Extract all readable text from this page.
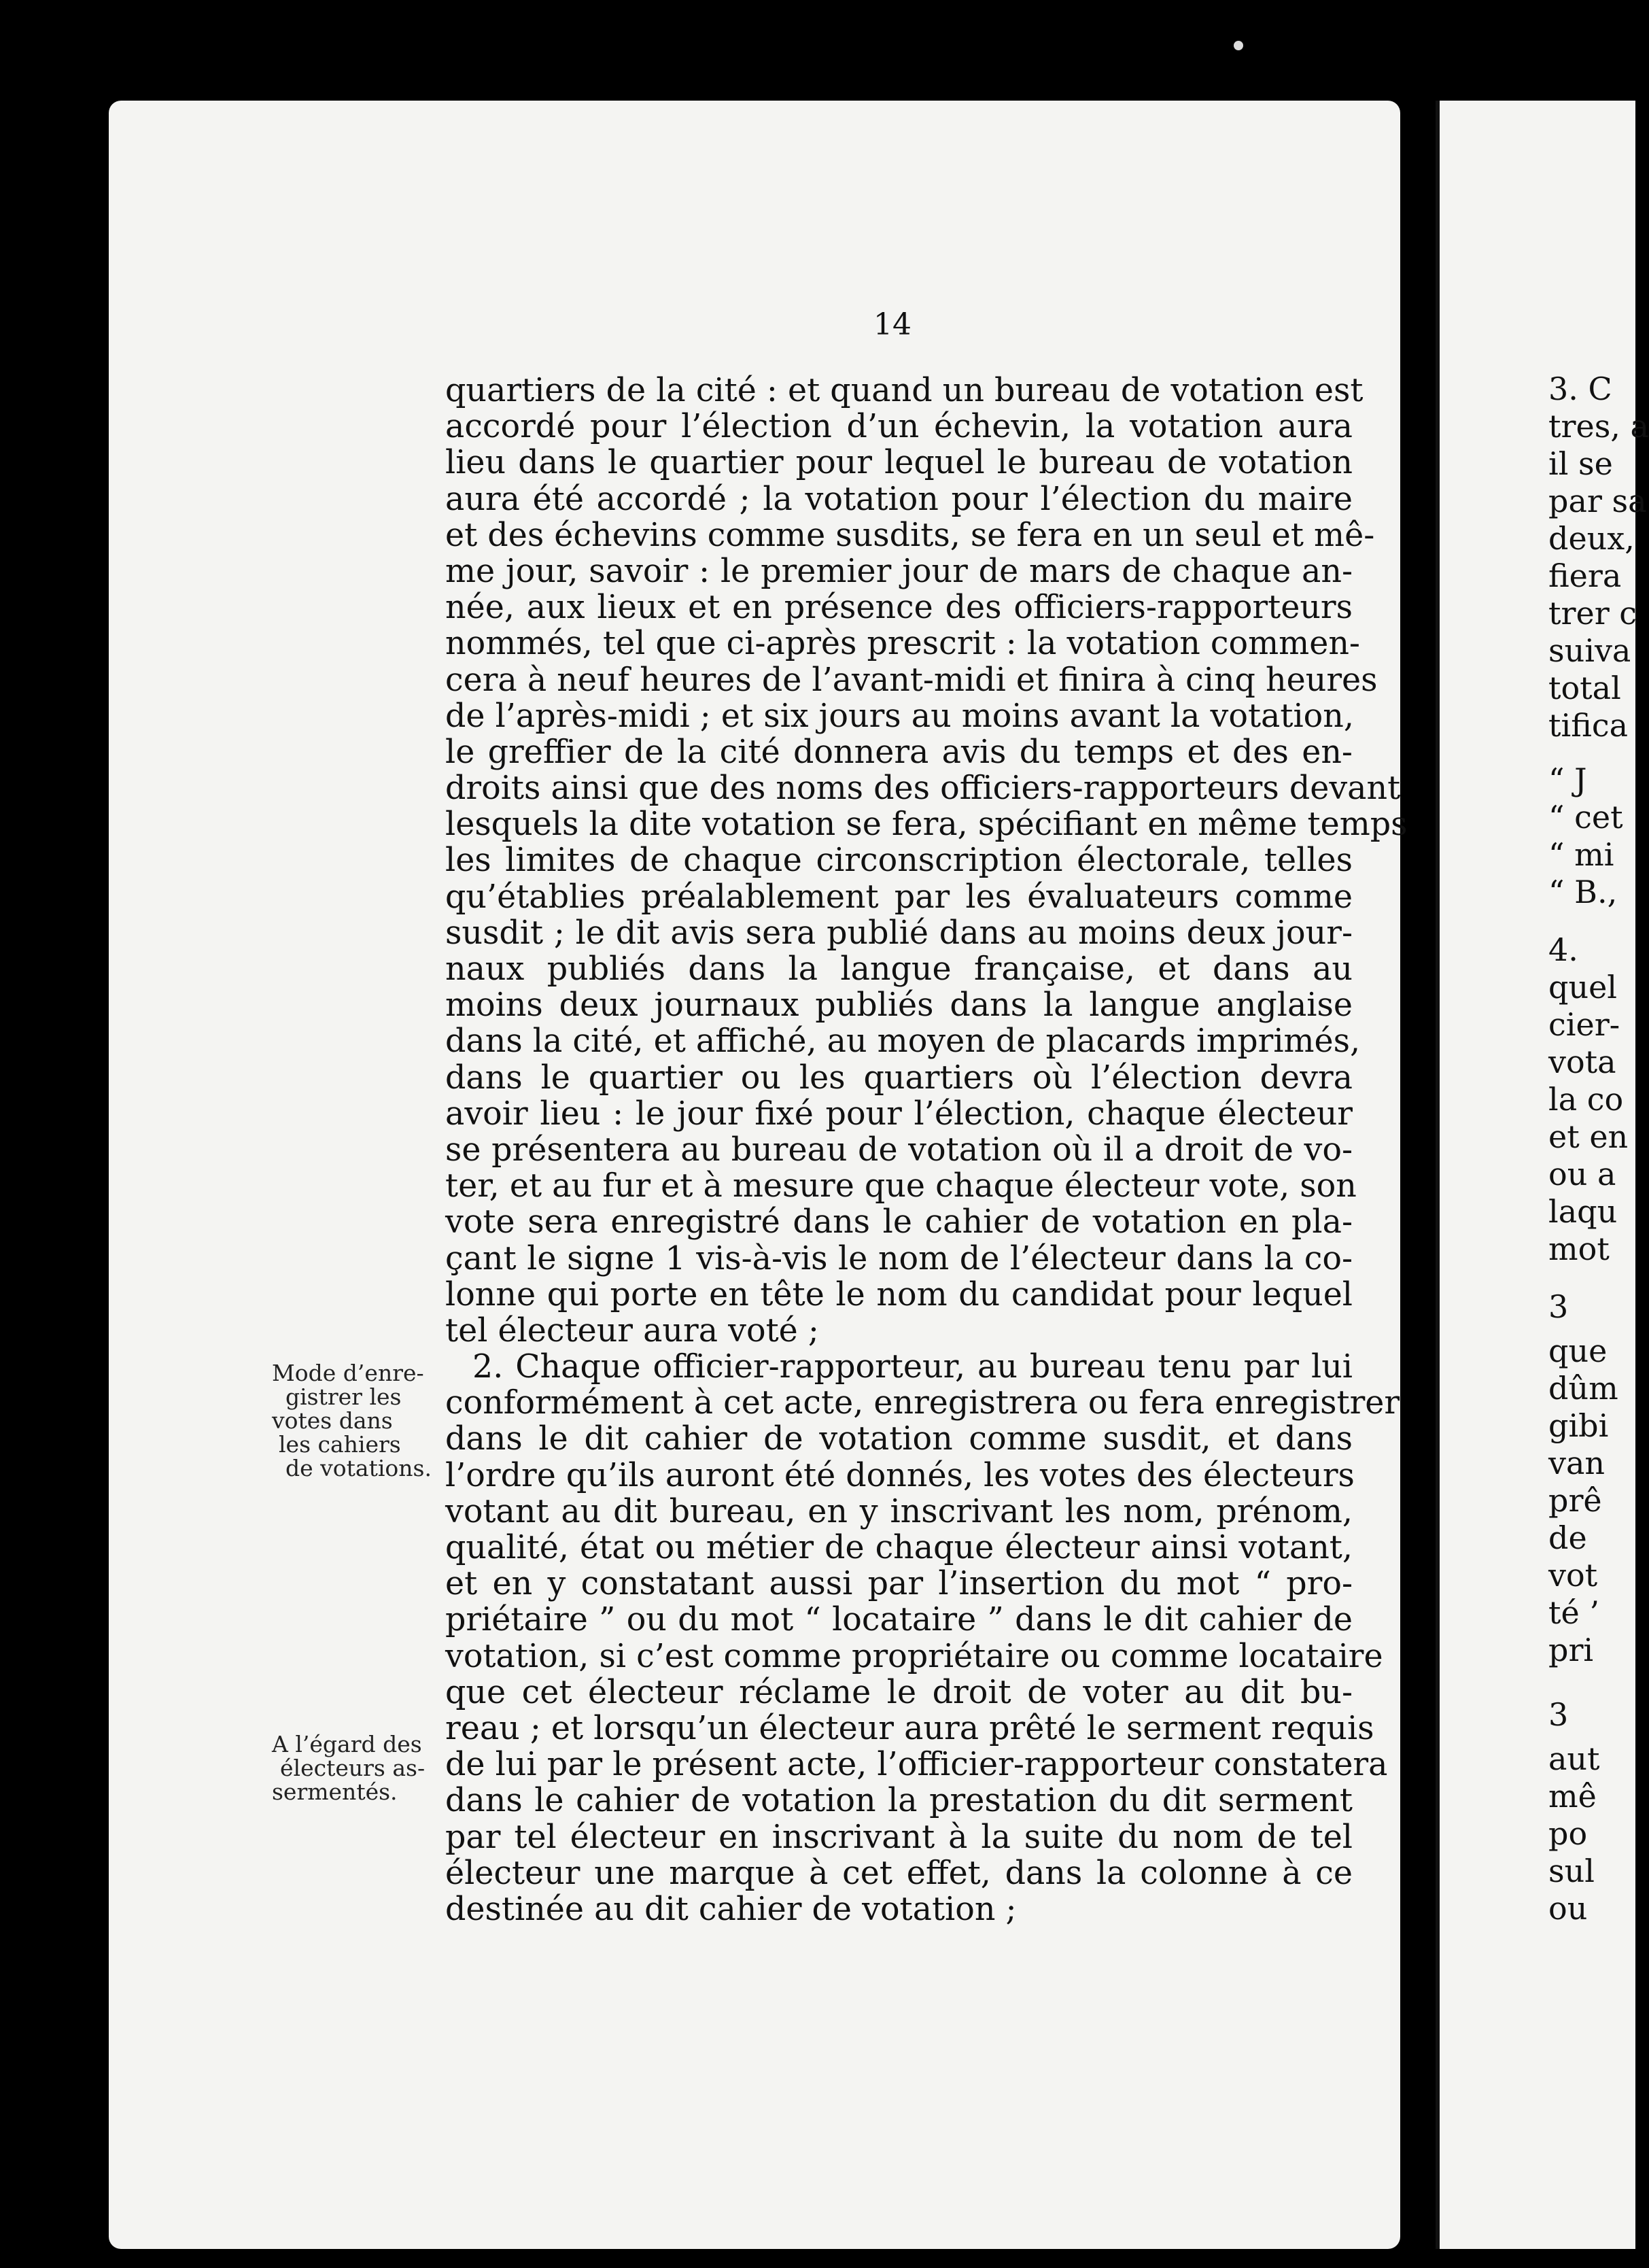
14
quartiers de la cité : et quand un bureau de votation est
accordé pour l’élection d’un échevin, la votation aura
lieu dans le quartier pour lequel le bureau de votation
aura été accordé ; la votation pour l’élection du maire
et des échevins comme susdits, se fera en un seul et mê-
me jour, savoir : le premier jour de mars de chaque an-
née, aux lieux et en présence des officiers-rapporteurs
nommés, tel que ci-après prescrit : la votation commen-
cera à neuf heures de l’avant-midi et finira à cinq heures
de l’après-midi ; et six jours au moins avant la votation,
le greffier de la cité donnera avis du temps et des en-
droits ainsi que des noms des officiers-rapporteurs devant
lesquels la dite votation se fera, spécifiant en même temps
les limites de chaque circonscription électorale, telles
qu’établies préalablement par les évaluateurs comme
susdit ; le dit avis sera publié dans au moins deux jour-
naux publiés dans la langue française, et dans au
moins deux journaux publiés dans la langue anglaise
dans la cité, et affiché, au moyen de placards imprimés,
dans le quartier ou les quartiers où l’élection devra
avoir lieu : le jour fixé pour l’élection, chaque électeur
se présentera au bureau de votation où il a droit de vo-
ter, et au fur et à mesure que chaque électeur vote, son
vote sera enregistré dans le cahier de votation en pla-
çant le signe 1 vis-à-vis le nom de l’électeur dans la co-
lonne qui porte en tête le nom du candidat pour lequel
tel électeur aura voté ;
2. Chaque officier-rapporteur, au bureau tenu par lui
conformément à cet acte, enregistrera ou fera enregistrer
dans le dit cahier de votation comme susdit, et dans
l’ordre qu’ils auront été donnés, les votes des électeurs
votant au dit bureau, en y inscrivant les nom, prénom,
qualité, état ou métier de chaque électeur ainsi votant,
et en y constatant aussi par l’insertion du mot “ pro-
priétaire ” ou du mot “ locataire ” dans le dit cahier de
votation, si c’est comme propriétaire ou comme locataire
que cet électeur réclame le droit de voter au dit bu-
reau ; et lorsqu’un électeur aura prêté le serment requis
de lui par le présent acte, l’officier-rapporteur constatera
dans le cahier de votation la prestation du dit serment
par tel électeur en inscrivant à la suite du nom de tel
électeur une marque à cet effet, dans la colonne à ce
destinée au dit cahier de votation ;
Mode d’enre-
gistrer les
votes dans
les cahiers
de votations.
A l’égard des
électeurs as-
sermentés.
3. C
tres, a
il se
par sa
deux,
fiera
trer c
suiva
total
tifica
“ J
“ cet
“ mi
“ B.,
4.
quel
cier-
vota
la co
et en
ou a
laqu
mot
3
que
dûm
gibi
van
prê
de
vot
té ’
pri
3
aut
mê
po
sul
ou
